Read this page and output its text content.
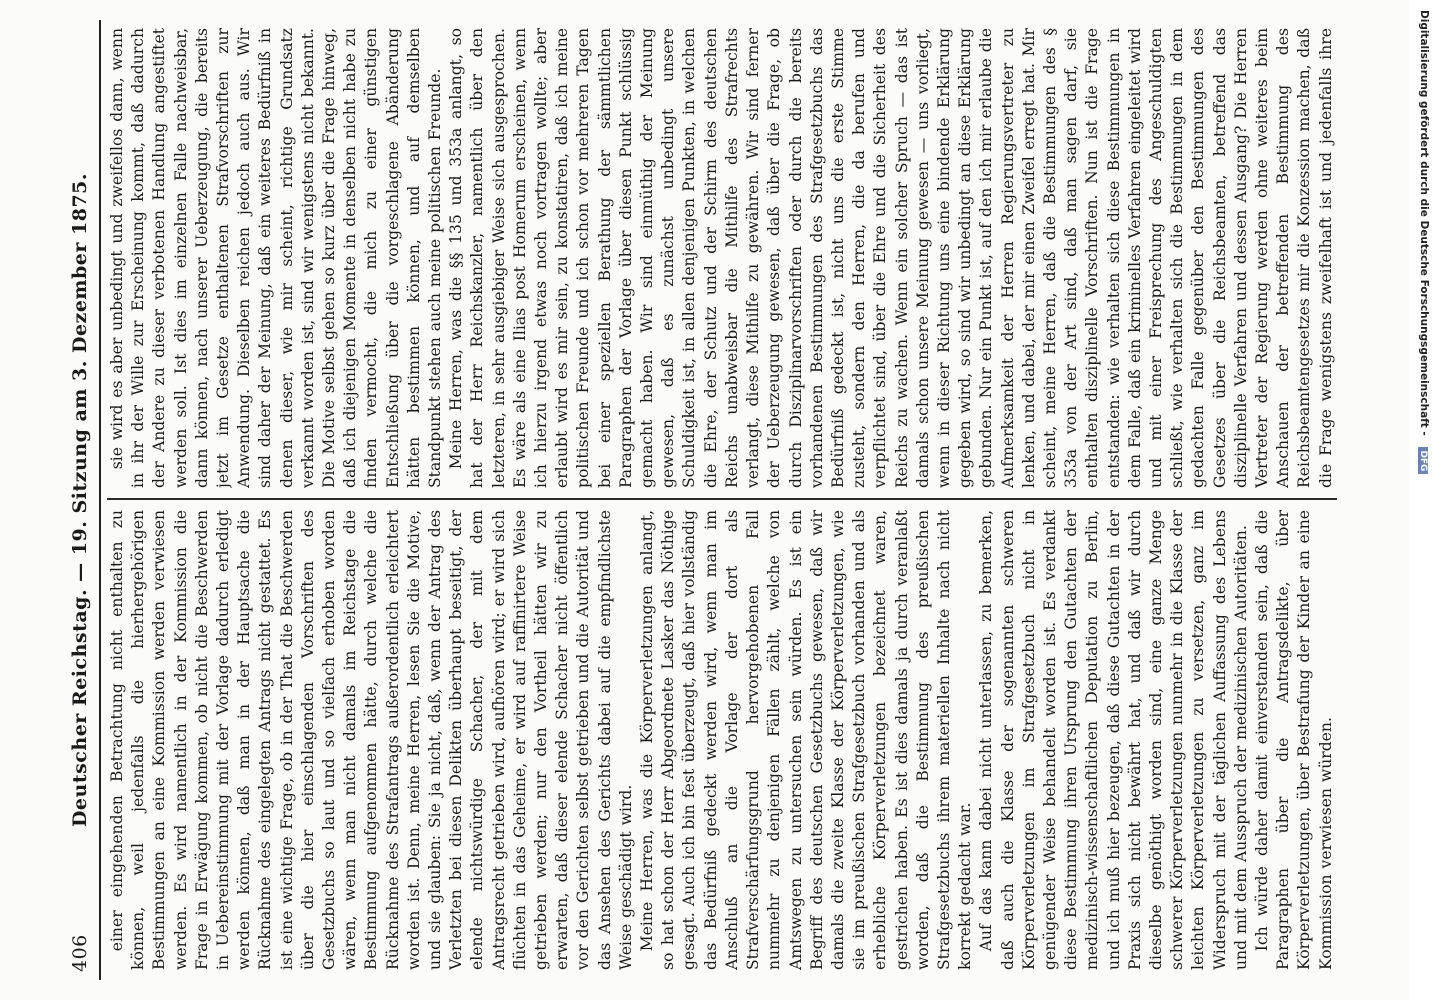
406
Deutscher Reichstag. — 19. Sitzung am 3. Dezember 1875. einer eingehenden Betrachtung nicht enthalten zu können, weil jedenfalls die hierhergehörigen Bestimmungen an eine Kommission werden verwiesen werden. Es wird namentlich in der Kommission die Frage in Erwägung kommen, ob nicht die Beschwerden in Uebereinstimmung mit der Vorlage dadurch erledigt werden können, daß man in der Hauptsache die Rücknahme des eingelegten Antrags nicht gestattet. Es ist eine wichtige Frage, ob in der That die Beschwerden über die hier einschlagenden Vorschriften des Gesetzbuchs so laut und so vielfach erhoben worden wären, wenn man nicht damals im Reichstage die Bestimmung aufgenommen hätte, durch welche die Rücknahme des Strafantrags außerordentlich erleichtert worden ist. Denn, meine Herren, lesen Sie die Motive, und sie glauben: Sie ja nicht, daß, wenn der Antrag des Verletzten bei diesen Delikten überhaupt beseitigt, der elende nichtswürdige Schacher, der mit dem Antragsrecht getrieben wird, aufhören wird; er wird sich flüchten in das Geheime, er wird auf raffinirtere Weise getrieben werden; nur den Vortheil hätten wir zu erwarten, daß dieser elende Schacher nicht öffentlich vor den Gerichten selbst getrieben und die Autorität und das Ansehen des Gerichts dabei auf die empfindlichste Weise geschädigt wird. Meine Herren, was die Körperverletzungen anlangt, so hat schon der Herr Abgeordnete Lasker das Nöthige gesagt. Auch ich bin fest überzeugt, daß hier vollständig das Bedürfniß gedeckt werden wird, wenn man im Anschluß an die Vorlage der dort als Strafverschärfungsgrund hervorgehobenen Fall nummehr zu denjenigen Fällen zählt, welche von Amtswegen zu untersuchen sein würden. Es ist ein Begriff des deutschen Gesetzbuchs gewesen, daß wir damals die zweite Klasse der Körperverletzungen, wie sie im preußischen Strafgesetzbuch vorhanden und als erhebliche Körperverletzungen bezeichnet waren, gestrichen haben. Es ist dies damals ja durch veranlaßt worden, daß die Bestimmung des preußischen Strafgesetzbuchs ihrem materiellen Inhalte nach nicht korrekt gedacht war. Auf das kann dabei nicht unterlassen, zu bemerken, daß auch die Klasse der sogenannten schweren Körperverletzungen im Strafgesetzbuch nicht in genügender Weise behandelt worden ist. Es verdankt diese Bestimmung ihren Ursprung den Gutachten der medizinisch-wissenschaftlichen Deputation zu Berlin, und ich muß hier bezeugen, daß diese Gutachten in der Praxis sich nicht bewährt hat, und daß wir durch dieselbe genöthigt worden sind, eine ganze Menge schwerer Körperverletzungen nunmehr in die Klasse der leichten Körperverletzungen zu versetzen, ganz im Widerspruch mit der täglichen Auffassung des Lebens und mit dem Ausspruch der medizinischen Autoritäten. Ich würde daher damit einverstanden sein, daß die Paragraphen über die Antragsdelikte, über Körperverletzungen, über Bestrafung der Kinder an eine Kommission verwiesen würden.

sie wird es aber unbedingt und zweifellos dann, wenn in ihr der Wille zur Erscheinung kommt, daß dadurch der Andere zu dieser verbotenen Handlung angestiftet werden soll. Ist dies im einzelnen Falle nachweisbar, dann können, nach unserer Ueberzeugung, die bereits jetzt im Gesetze enthaltenen Strafvorschriften zur Anwendung. Dieselben reichen jedoch auch aus. Wir sind daher der Meinung, daß ein weiteres Bedürfniß in denen dieser, wie mir scheint, richtige Grundsatz verkannt worden ist, sind wir wenigstens nicht bekannt. Die Motive selbst gehen so kurz über die Frage hinweg, daß ich diejenigen Momente in denselben nicht habe zu finden vermocht, die mich zu einer günstigen Entschließung über die vorgeschlagene Abänderung hätten bestimmen können, und auf demselben Standpunkt stehen auch meine politischen Freunde. Meine Herren, was die §§ 135 und 353a anlangt, so hat der Herr Reichskanzler, namentlich über den letzteren, in sehr ausgiebiger Weise sich ausgesprochen. Es wäre als eine Ilias post Homerum erscheinen, wenn ich hierzu irgend etwas noch vortragen wollte; aber erlaubt wird es mir sein, zu konstatiren, daß ich meine politischen Freunde und ich schon vor mehreren Tagen bei einer speziellen Berathung der sämmtlichen Paragraphen der Vorlage über diesen Punkt schlüssig gemacht haben. Wir sind einmüthig der Meinung gewesen, daß es zunächst unbedingt unsere Schuldigkeit ist, in allen denjenigen Punkten, in welchen die Ehre, der Schutz und der Schirm des deutschen Reichs unabweisbar die Mithilfe des Strafrechts verlangt, diese Mithilfe zu gewähren. Wir sind ferner der Ueberzeugung gewesen, daß über die Frage, ob durch Disziplinarvorschriften oder durch die bereits vorhandenen Bestimmungen des Strafgesetzbuchs das Bedürfniß gedeckt ist, nicht uns die erste Stimme zusteht, sondern den Herren, die da berufen und verpflichtet sind, über die Ehre und die Sicherheit des Reichs zu wachen. Wenn ein solcher Spruch — das ist damals schon unsere Meinung gewesen — uns vorliegt, wenn in dieser Richtung uns eine bindende Erklärung gegeben wird, so sind wir unbedingt an diese Erklärung gebunden. Nur ein Punkt ist, auf den ich mir erlaube die Aufmerksamkeit der Herren Regierungsvertreter zu lenken, und dabei, der mir einen Zweifel erregt hat. Mir scheint, meine Herren, daß die Bestimmungen des § 353a von der Art sind, daß man sagen darf, sie enthalten disziplinelle Vorschriften. Nun ist die Frage entstanden: wie verhalten sich diese Bestimmungen in dem Falle, daß ein kriminelles Verfahren eingeleitet wird und mit einer Freisprechung des Angeschuldigten schließt, wie verhalten sich die Bestimmungen in dem gedachten Falle gegenüber den Bestimmungen des Gesetzes über die Reichsbeamten, betreffend das disziplinelle Verfahren und dessen Ausgang? Die Herren Vertreter der Regierung werden ohne weiteres beim Anschauen der betreffenden Bestimmung des Reichsbeamtengesetzes mir die Konzession machen, daß die Frage wenigstens zweifelhaft ist und jedenfalls ihre	Digitalisierung gefördert durch die Deutsche Forschungsgemeinschaft - DFG
